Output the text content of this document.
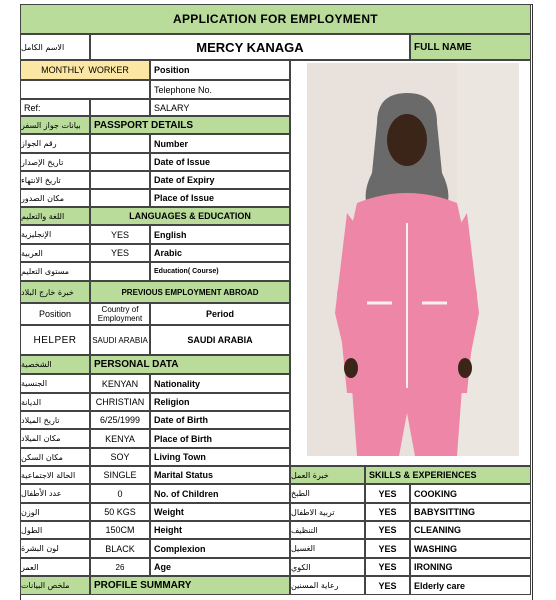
APPLICATION FOR EMPLOYMENT
الاسم الكامل	MERCY KANAGA	FULL NAME
MONTHLY WORKER	Position
Telephone No.
Ref:	SALARY
بيانات جواز السفر	PASSPORT DETAILS
رقم الجواز	Number
تاريخ الإصدار	Date of Issue
تاريخ الانتهاء	Date of Expiry
مكان الصدور	Place of Issue
اللغة والتعليم	LANGUAGES & EDUCATION
الإنجليزية	YES	English
العربية	YES	Arabic
مستوى التعليم	Education( Course)
خبرة خارج البلاد	PREVIOUS EMPLOYMENT ABROAD
Position	Country of Employment	Period
HELPER	SAUDI ARABIA	SAUDI ARABIA
الشخصية	PERSONAL DATA
الجنسية	KENYAN	Nationality
الديانة	CHRISTIAN	Religion
تاريخ الميلاد	6/25/1999	Date of Birth
مكان الميلاد	KENYA	Place of Birth
مكان السكن	SOY	Living Town
الحالة الاجتماعية	SINGLE	Marital Status
عدد الأطفال	0	No. of Children
الوزن	50 KGS	Weight
الطول	150CM	Height
لون البشرة	BLACK	Complexion
العمر	26	Age
ملخص البيانات	PROFILE SUMMARY
خبرة العمل	SKILLS & EXPERIENCES
الطبخ	YES	COOKING
تربية الاطفال	YES	BABYSITTING
التنظيف	YES	CLEANING
الغسيل	YES	WASHING
الكوي	YES	IRONING
رعاية المسنين	YES	Elderly care
